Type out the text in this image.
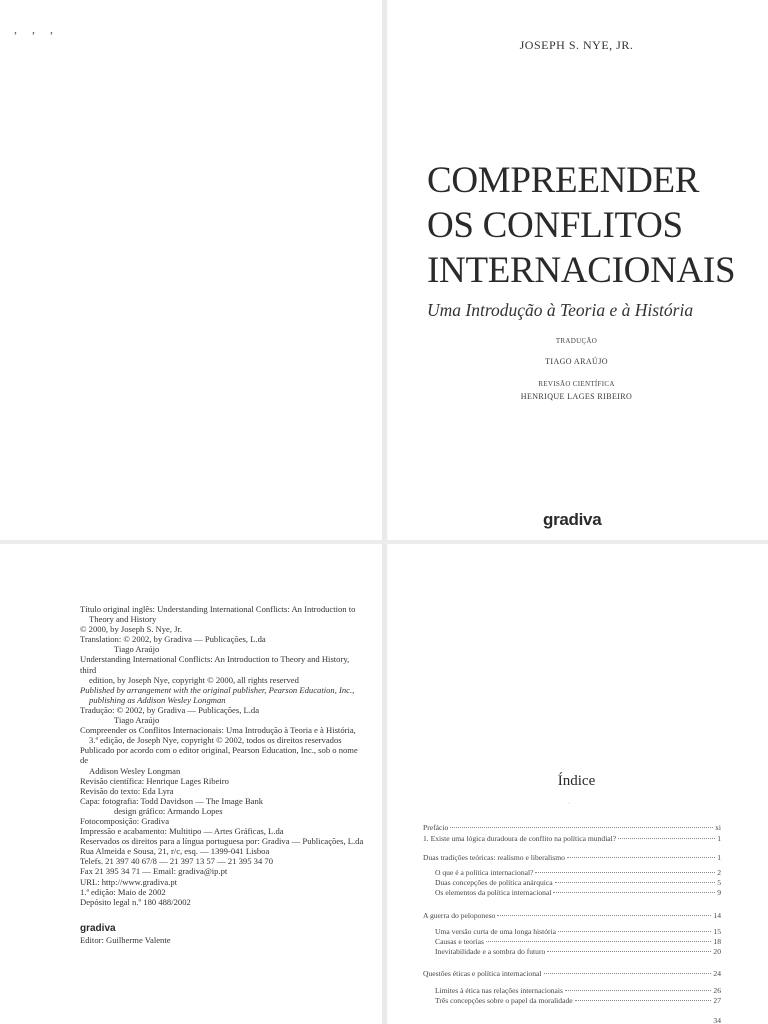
, , ,
JOSEPH S. NYE, JR.
COMPREENDER
OS CONFLITOS
INTERNACIONAIS
Uma Introdução à Teoria e à História
TRADUÇÃO
TIAGO ARAÚJO
REVISÃO CIENTÍFICA
HENRIQUE LAGES RIBEIRO
gradiva

Título original inglês: Understanding International Conflicts: An Introduction to

Theory and History

© 2000, by Joseph S. Nye, Jr.

Translation: © 2002, by Gradiva — Publicações, L.da

Tiago Araújo

Understanding International Conflicts: An Introduction to Theory and History, third

edition, by Joseph Nye, copyright © 2000, all rights reserved

Published by arrangement with the original publisher, Pearson Education, Inc.,

publishing as Addison Wesley Longman

Tradução: © 2002, by Gradiva — Publicações, L.da

Tiago Araújo

Compreender os Conflitos Internacionais: Uma Introdução à Teoria e à História,

3.ª edição, de Joseph Nye, copyright © 2002, todos os direitos reservados

Publicado por acordo com o editor original, Pearson Education, Inc., sob o nome de

Addison Wesley Longman

Revisão científica: Henrique Lages Ribeiro

Revisão do texto: Eda Lyra

Capa: fotografia: Todd Davidson — The Image Bank

design gráfico: Armando Lopes

Fotocomposição: Gradiva

Impressão e acabamento: Multitipo — Artes Gráficas, L.da

Reservados os direitos para a língua portuguesa por: Gradiva — Publicações, L.da

Rua Almeida e Sousa, 21, r/c, esq. — 1399-041 Lisboa

Telefs. 21 397 40 67/8 — 21 397 13 57 — 21 395 34 70

Fax 21 395 34 71 — Email: gradiva@ip.pt

URL: http://www.gradiva.pt

1.ª edição: Maio de 2002

Depósito legal n.º 180 488/2002

gradiva
Editor: Guilherme Valente
Índice
·
Prefácio	xi
1. Existe uma lógica duradoura de conflito na política mundial?	1
Duas tradições teóricas: realismo e liberalismo	1
O que é a política internacional?	2
Duas concepções de política anárquica	5
Os elementos da política internacional	9
A guerra do peloponeso	14
Uma versão curta de uma longa história	15
Causas e teorias	18
Inevitabilidade e a sombra do futuro	20
Questões éticas e política internacional	24
Limites à ética nas relações internacionais	26
Três concepções sobre o papel da moralidade	27
34
